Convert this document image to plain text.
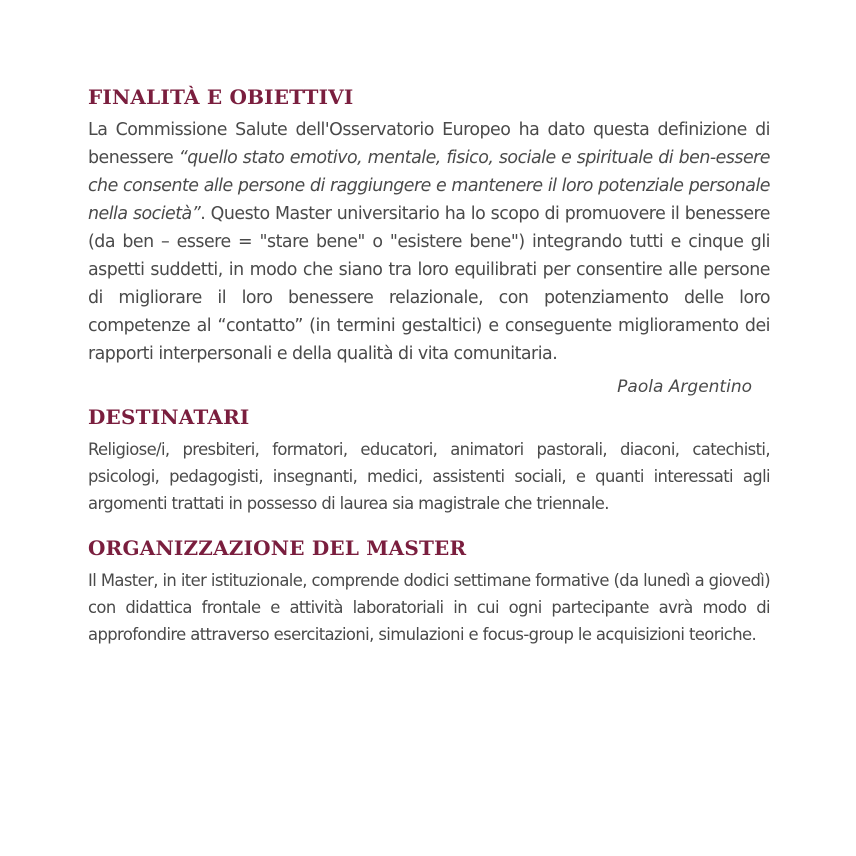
FINALITÀ E OBIETTIVI

La Commissione Salute dell'Osservatorio Europeo ha dato questa definizione di benessere “quello stato emotivo, mentale, fisico, sociale e spirituale di ben-essere che consente alle persone di raggiungere e mantenere il loro potenziale personale nella società”. Questo Master universitario ha lo scopo di promuovere il benessere (da ben – essere = "stare bene" o "esistere bene") integrando tutti e cinque gli aspetti suddetti, in modo che siano tra loro equilibrati per consentire alle persone di migliorare il loro benessere relazionale, con potenziamento delle loro competenze al “contatto” (in termini gestaltici) e conseguente miglioramento dei rapporti interpersonali e della qualità di vita comunitaria.

Paola Argentino
DESTINATARI

Religiose/i, presbiteri, formatori, educatori, animatori pastorali, diaconi, catechisti, psicologi, pedagogisti, insegnanti, medici, assistenti sociali, e quanti interessati agli argomenti trattati in possesso di laurea sia magistrale che triennale.

ORGANIZZAZIONE DEL MASTER

Il Master, in iter istituzionale, comprende dodici settimane formative (da lunedì a giovedì) con didattica frontale e attività laboratoriali in cui ogni partecipante avrà modo di approfondire attraverso esercitazioni, simulazioni e focus-group le acquisizioni teoriche.
